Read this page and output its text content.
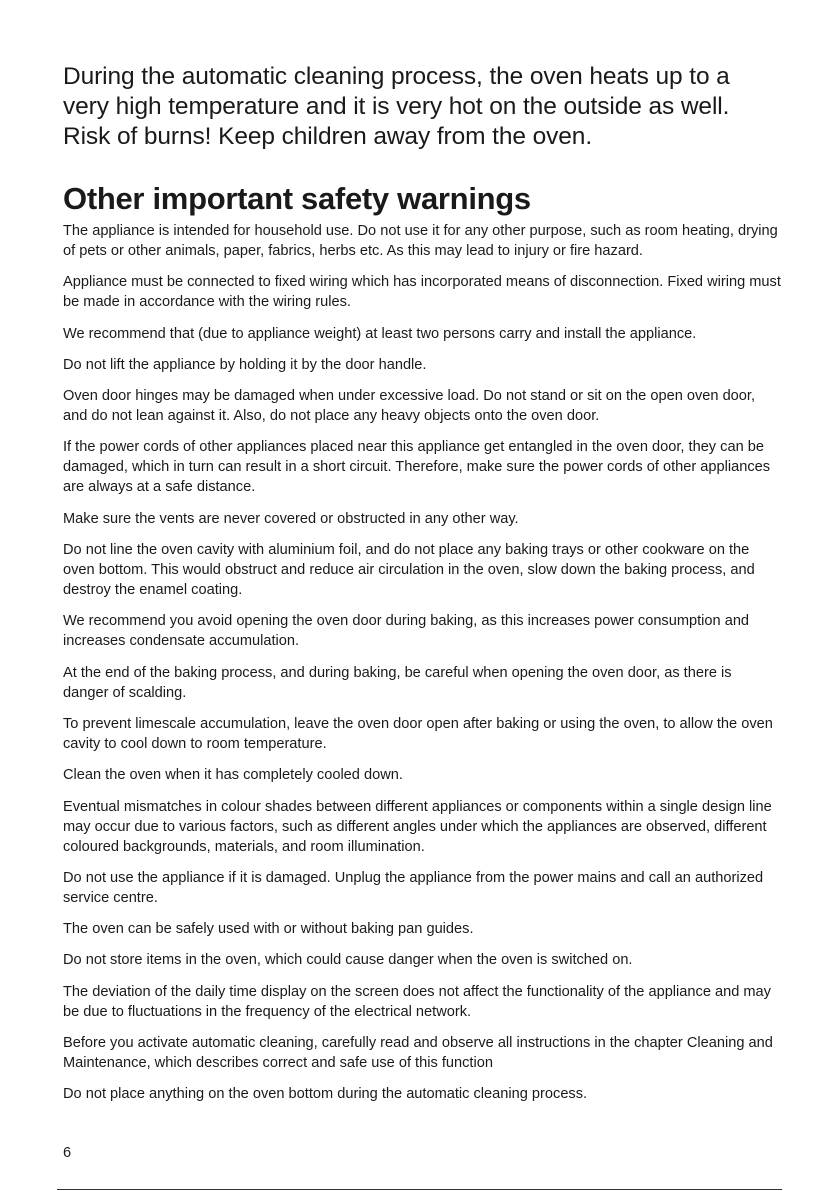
During the automatic cleaning process, the oven heats up to a very high temperature and it is very hot on the outside as well. Risk of burns! Keep children away from the oven.

Other important safety warnings

The appliance is intended for household use. Do not use it for any other purpose, such as room heating, drying of pets or other animals, paper, fabrics, herbs etc. As this may lead to injury or fire hazard.

Appliance must be connected to fixed wiring which has incorporated means of disconnection. Fixed wiring must be made in accordance with the wiring rules.

We recommend that (due to appliance weight) at least two persons carry and install the appliance.

Do not lift the appliance by holding it by the door handle.

Oven door hinges may be damaged when under excessive load. Do not stand or sit on the open oven door, and do not lean against it. Also, do not place any heavy objects onto the oven door.

If the power cords of other appliances placed near this appliance get entangled in the oven door, they can be damaged, which in turn can result in a short circuit. Therefore, make sure the power cords of other appliances are always at a safe distance.

Make sure the vents are never covered or obstructed in any other way.

Do not line the oven cavity with aluminium foil, and do not place any baking trays or other cookware on the oven bottom. This would obstruct and reduce air circulation in the oven, slow down the baking process, and destroy the enamel coating.

We recommend you avoid opening the oven door during baking, as this increases power consumption and increases condensate accumulation.

At the end of the baking process, and during baking, be careful when opening the oven door, as there is danger of scalding.

To prevent limescale accumulation, leave the oven door open after baking or using the oven, to allow the oven cavity to cool down to room temperature.

Clean the oven when it has completely cooled down.

Eventual mismatches in colour shades between different appliances or components within a single design line may occur due to various factors, such as different angles under which the appliances are observed, different coloured backgrounds, materials, and room illumination.

Do not use the appliance if it is damaged. Unplug the appliance from the power mains and call an authorized service centre.

The oven can be safely used with or without baking pan guides.

Do not store items in the oven, which could cause danger when the oven is switched on.

The deviation of the daily time display on the screen does not affect the functionality of the appliance and may be due to fluctuations in the frequency of the electrical network.

Before you activate automatic cleaning, carefully read and observe all instructions in the chapter Cleaning and Maintenance, which describes correct and safe use of this function

Do not place anything on the oven bottom during the automatic cleaning process.

6
